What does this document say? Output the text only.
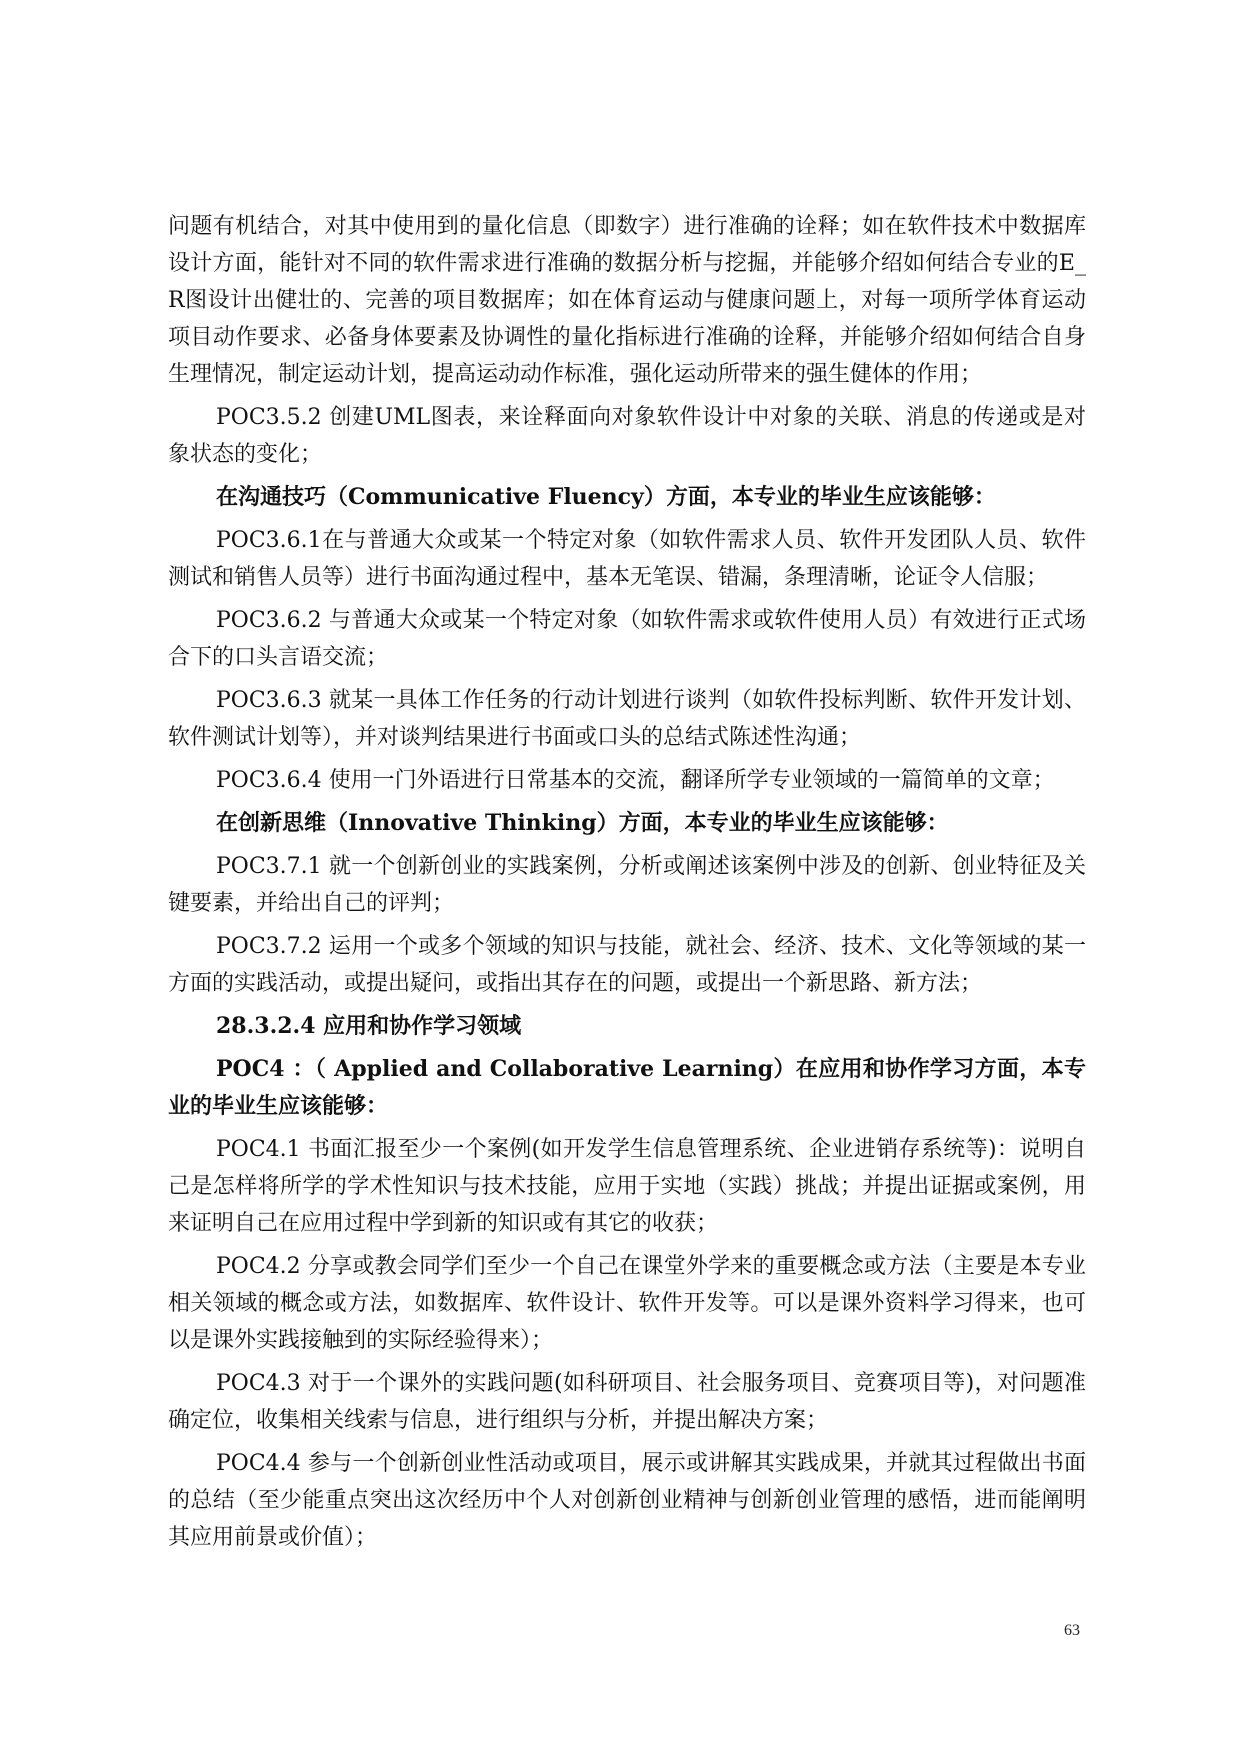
问题有机结合，对其中使用到的量化信息（即数字）进行准确的诠释；如在软件技术中数据库设计方面，能针对不同的软件需求进行准确的数据分析与挖掘，并能够介绍如何结合专业的E_R图设计出健壮的、完善的项目数据库；如在体育运动与健康问题上，对每一项所学体育运动项目动作要求、必备身体要素及协调性的量化指标进行准确的诠释，并能够介绍如何结合自身生理情况，制定运动计划，提高运动动作标准，强化运动所带来的强生健体的作用；

POC3.5.2 创建UML图表，来诠释面向对象软件设计中对象的关联、消息的传递或是对象状态的变化；

在沟通技巧（Communicative Fluency）方面，本专业的毕业生应该能够：

POC3.6.1在与普通大众或某一个特定对象（如软件需求人员、软件开发团队人员、软件测试和销售人员等）进行书面沟通过程中，基本无笔误、错漏，条理清晰，论证令人信服；

POC3.6.2 与普通大众或某一个特定对象（如软件需求或软件使用人员）有效进行正式场合下的口头言语交流；

POC3.6.3 就某一具体工作任务的行动计划进行谈判（如软件投标判断、软件开发计划、软件测试计划等），并对谈判结果进行书面或口头的总结式陈述性沟通；

POC3.6.4 使用一门外语进行日常基本的交流，翻译所学专业领域的一篇简单的文章；

在创新思维（Innovative Thinking）方面，本专业的毕业生应该能够：

POC3.7.1 就一个创新创业的实践案例，分析或阐述该案例中涉及的创新、创业特征及关键要素，并给出自己的评判；

POC3.7.2 运用一个或多个领域的知识与技能，就社会、经济、技术、文化等领域的某一方面的实践活动，或提出疑问，或指出其存在的问题，或提出一个新思路、新方法；

28.3.2.4 应用和协作学习领域

POC4 ：（ Applied and Collaborative Learning）在应用和协作学习方面，本专业的毕业生应该能够：

POC4.1 书面汇报至少一个案例(如开发学生信息管理系统、企业进销存系统等)：说明自己是怎样将所学的学术性知识与技术技能，应用于实地（实践）挑战；并提出证据或案例，用来证明自己在应用过程中学到新的知识或有其它的收获；

POC4.2 分享或教会同学们至少一个自己在课堂外学来的重要概念或方法（主要是本专业相关领域的概念或方法，如数据库、软件设计、软件开发等。可以是课外资料学习得来，也可以是课外实践接触到的实际经验得来）；

POC4.3 对于一个课外的实践问题(如科研项目、社会服务项目、竞赛项目等)，对问题准确定位，收集相关线索与信息，进行组织与分析，并提出解决方案；

POC4.4 参与一个创新创业性活动或项目，展示或讲解其实践成果，并就其过程做出书面的总结（至少能重点突出这次经历中个人对创新创业精神与创新创业管理的感悟，进而能阐明其应用前景或价值）；

63
